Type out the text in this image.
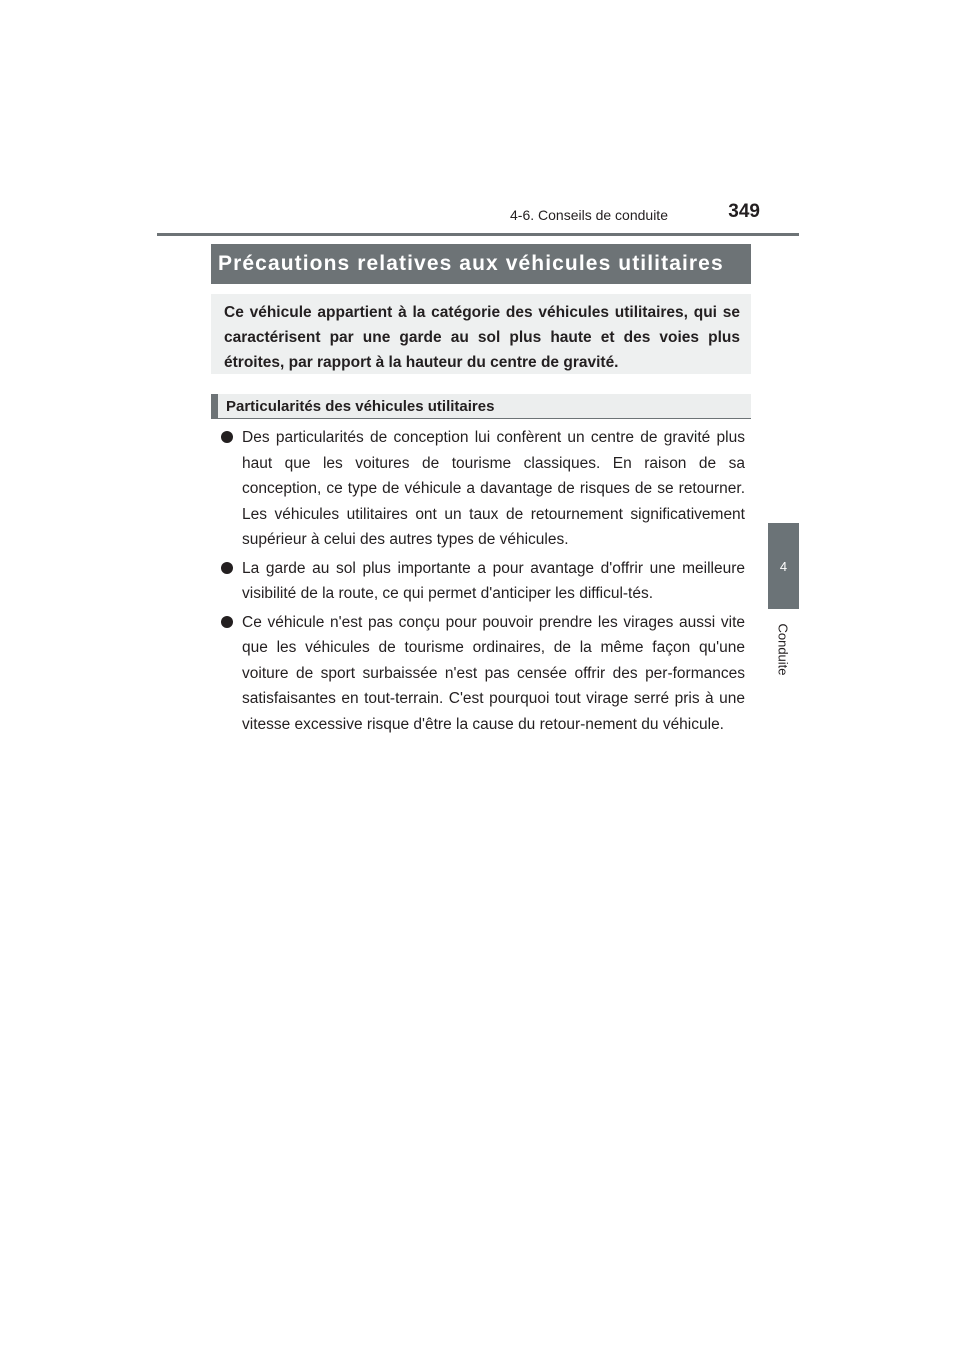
4-6. Conseils de conduite	349
4
Conduite
Précautions relatives aux véhicules utilitaires
Ce véhicule appartient à la catégorie des véhicules utilitaires, qui se caractérisent par une garde au sol plus haute et des voies plus étroites, par rapport à la hauteur du centre de gravité.
Particularités des véhicules utilitaires
Des particularités de conception lui confèrent un centre de gravité plus haut que les voitures de tourisme classiques. En raison de sa conception, ce type de véhicule a davantage de risques de se retourner. Les véhicules utilitaires ont un taux de retournement significativement supérieur à celui des autres types de véhicules.
La garde au sol plus importante a pour avantage d'offrir une meilleure visibilité de la route, ce qui permet d'anticiper les difficul-tés.
Ce véhicule n'est pas conçu pour pouvoir prendre les virages aussi vite que les véhicules de tourisme ordinaires, de la même façon qu'une voiture de sport surbaissée n'est pas censée offrir des per-formances satisfaisantes en tout-terrain. C'est pourquoi tout virage serré pris à une vitesse excessive risque d'être la cause du retour-nement du véhicule.
